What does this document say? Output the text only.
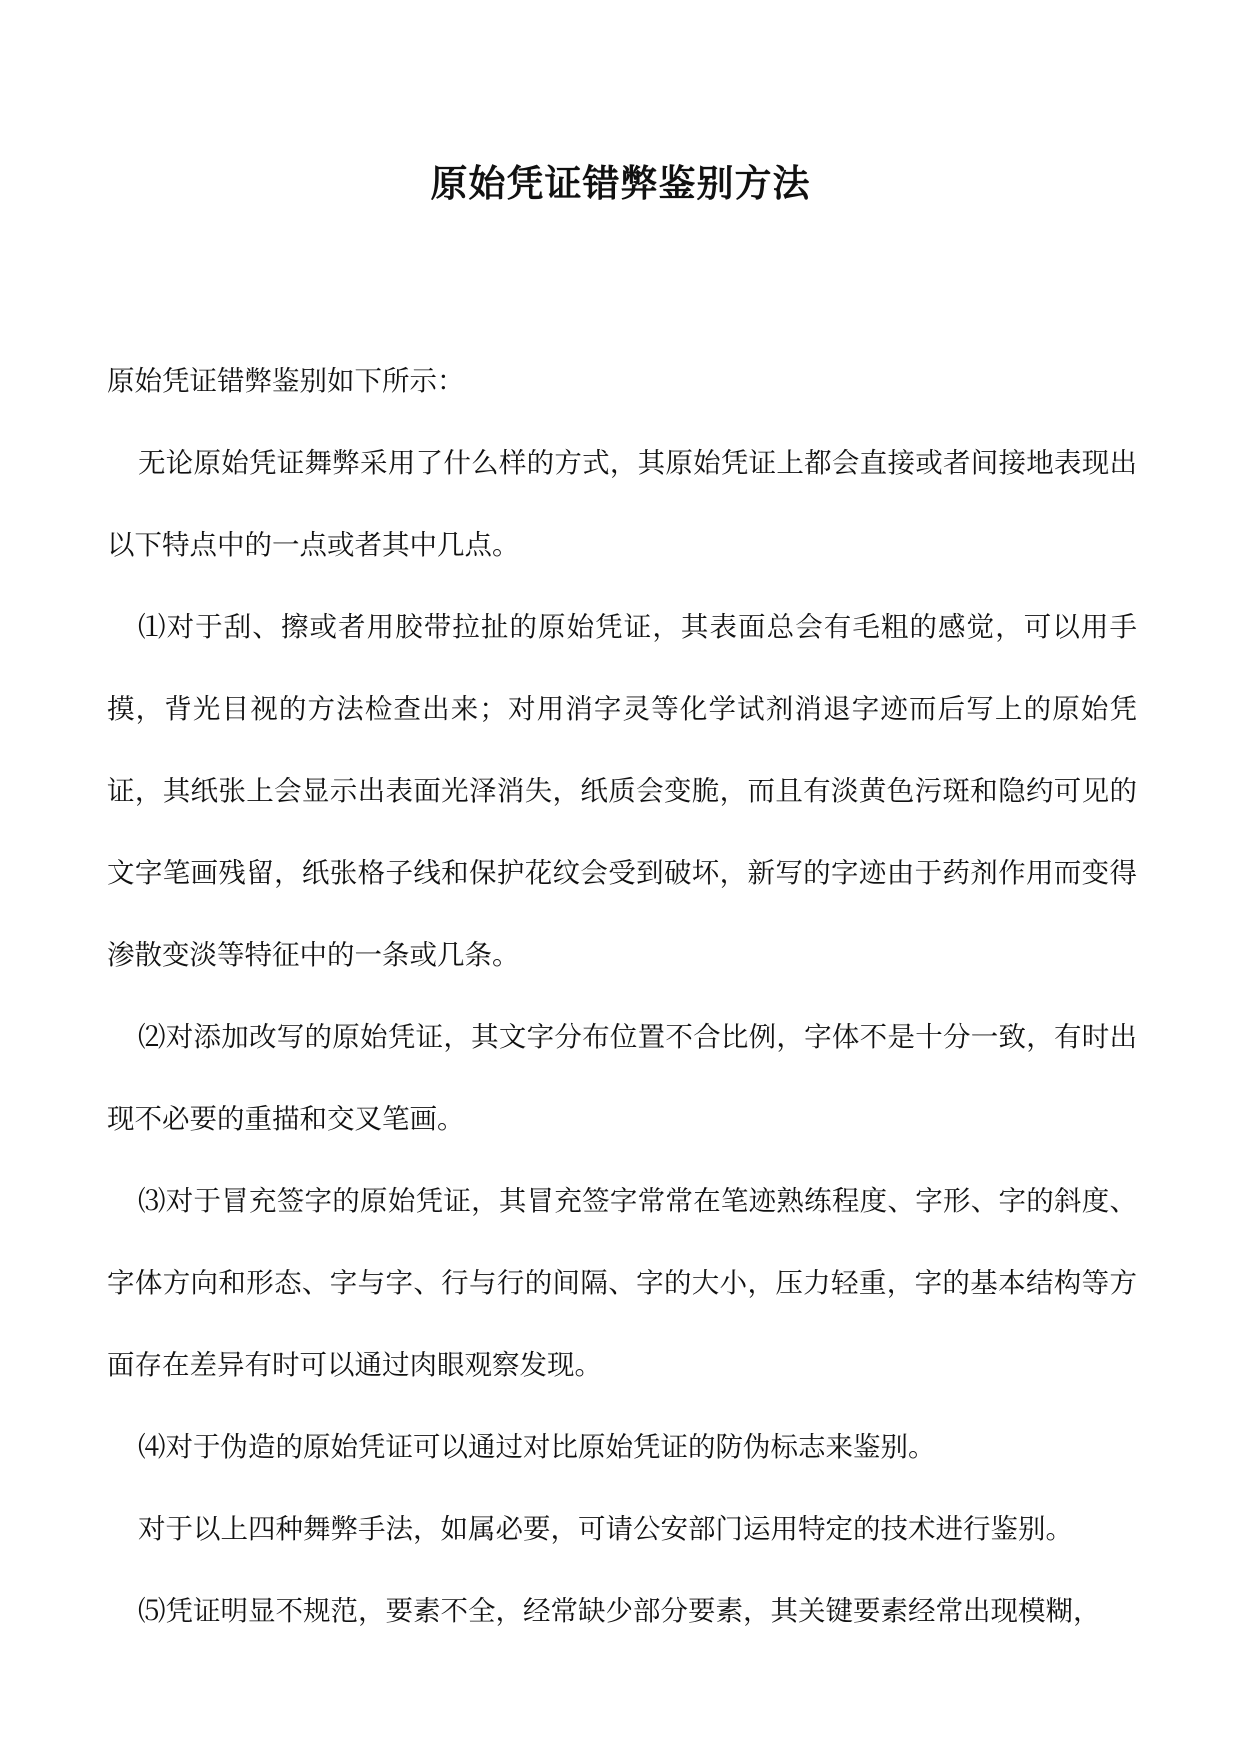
原始凭证错弊鉴别方法

原始凭证错弊鉴别如下所示：

无论原始凭证舞弊采用了什么样的方式，其原始凭证上都会直接或者间接地表现出以下特点中的一点或者其中几点。

⑴对于刮、擦或者用胶带拉扯的原始凭证，其表面总会有毛粗的感觉，可以用手摸，背光目视的方法检查出来；对用消字灵等化学试剂消退字迹而后写上的原始凭证，其纸张上会显示出表面光泽消失，纸质会变脆，而且有淡黄色污斑和隐约可见的文字笔画残留，纸张格子线和保护花纹会受到破坏，新写的字迹由于药剂作用而变得渗散变淡等特征中的一条或几条。

⑵对添加改写的原始凭证，其文字分布位置不合比例，字体不是十分一致，有时出现不必要的重描和交叉笔画。

⑶对于冒充签字的原始凭证，其冒充签字常常在笔迹熟练程度、字形、字的斜度、字体方向和形态、字与字、行与行的间隔、字的大小，压力轻重，字的基本结构等方面存在差异有时可以通过肉眼观察发现。

⑷对于伪造的原始凭证可以通过对比原始凭证的防伪标志来鉴别。

对于以上四种舞弊手法，如属必要，可请公安部门运用特定的技术进行鉴别。

⑸凭证明显不规范，要素不全，经常缺少部分要素，其关键要素经常出现模糊，
